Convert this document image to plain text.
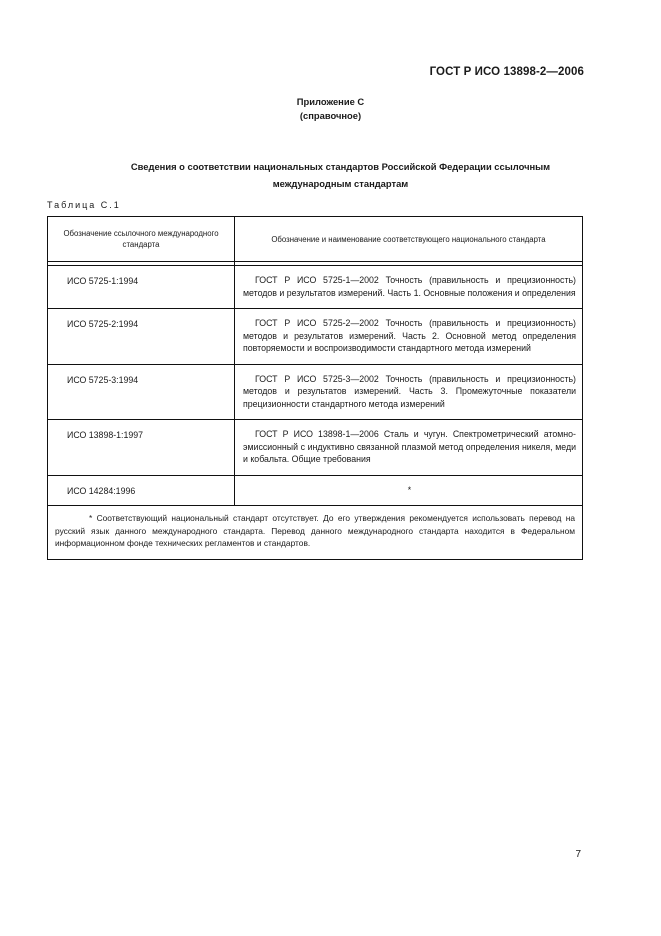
ГОСТ Р ИСО 13898-2—2006
Приложение С
(справочное)
Сведения о соответствии национальных стандартов Российской Федерации ссылочным
международным стандартам
Таблица С.1
Обозначение ссылочного международного стандарта	Обозначение и наименование соответствующего национального стандарта

ИСО 5725-1:1994	ГОСТ Р ИСО 5725-1—2002 Точность (правильность и прецизионность) методов и результатов измерений. Часть 1. Основные положения и определения
ИСО 5725-2:1994	ГОСТ Р ИСО 5725-2—2002 Точность (правильность и прецизионность) методов и результатов измерений. Часть 2. Основной метод определения повторяемости и воспроизводимости стандартного метода измерений
ИСО 5725-3:1994	ГОСТ Р ИСО 5725-3—2002 Точность (правильность и прецизионность) методов и результатов измерений. Часть 3. Промежуточные показатели прецизионности стандартного метода измерений
ИСО 13898-1:1997	ГОСТ Р ИСО 13898-1—2006 Сталь и чугун. Спектрометрический атомно-эмиссионный с индуктивно связанной плазмой метод определения никеля, меди и кобальта. Общие требования
ИСО 14284:1996	*
* Соответствующий национальный стандарт отсутствует. До его утверждения рекомендуется использовать перевод на русский язык данного международного стандарта. Перевод данного международного стандарта находится в Федеральном информационном фонде технических регламентов и стандартов.	
7
